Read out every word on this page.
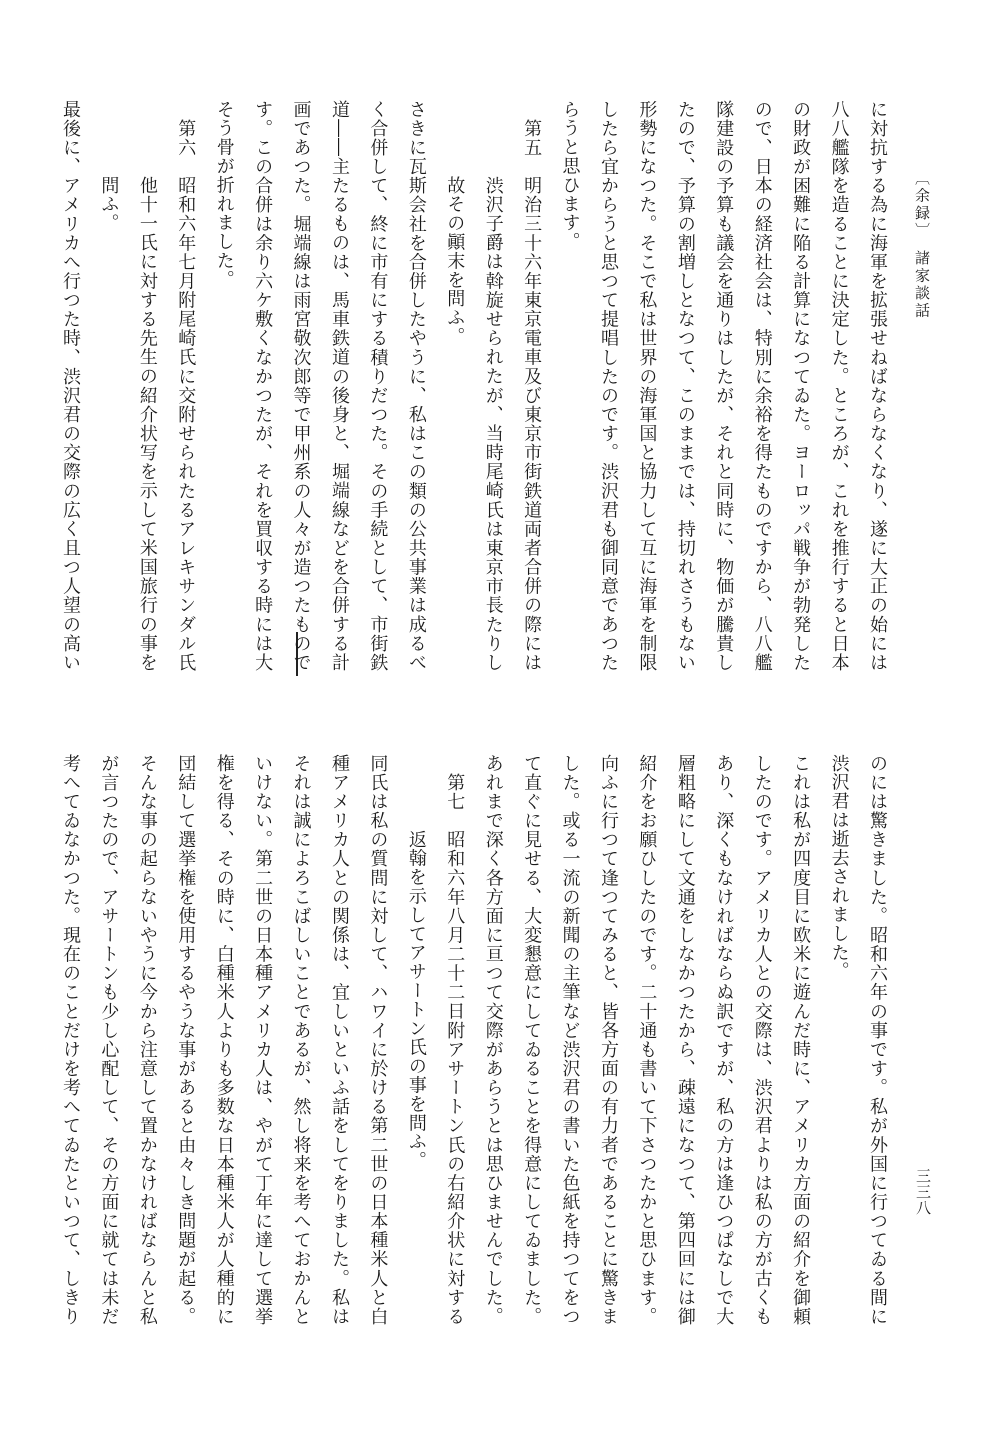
〔余録〕　諸家談話
三三八
に対抗する為に海軍を拡張せねばならなくなり、遂に大正の始には
八八艦隊を造ることに決定した。ところが、これを推行すると日本
の財政が困難に陥る計算になつてゐた。ヨーロッパ戦争が勃発した
ので、日本の経済社会は、特別に余裕を得たものですから、八八艦
隊建設の予算も議会を通りはしたが、それと同時に、物価が騰貴し
たので、予算の割増しとなつて、このままでは、持切れさうもない
形勢になつた。そこで私は世界の海軍国と協力して互に海軍を制限
したら宜からうと思つて提唱したのです。渋沢君も御同意であつた
らうと思ひます。
第五　明治三十六年東京電車及び東京市街鉄道両者合併の際には
渋沢子爵は斡旋せられたが、当時尾崎氏は東京市長たりし
故その顚末を問ふ。
さきに瓦斯会社を合併したやうに、私はこの類の公共事業は成るべ
く合併して、終に市有にする積りだつた。その手続として、市街鉄
道――主たるものは、馬車鉄道の後身と、堀端線などを合併する計
画であつた。堀端線は雨宮敬次郎等で甲州系の人々が造つたもので
す。この合併は余り六ケ敷くなかつたが、それを買収する時には大
そう骨が折れました。
第六　昭和六年七月附尾崎氏に交附せられたるアレキサンダル氏
他十一氏に対する先生の紹介状写を示して米国旅行の事を
問ふ。
最後に、アメリカへ行つた時、渋沢君の交際の広く且つ人望の高い
のには驚きました。昭和六年の事です。私が外国に行つてゐる間に
渋沢君は逝去されました。
これは私が四度目に欧米に遊んだ時に、アメリカ方面の紹介を御頼
したのです。アメリカ人との交際は、渋沢君よりは私の方が古くも
あり、深くもなければならぬ訳ですが、私の方は逢ひつぱなしで大
層粗略にして文通をしなかつたから、疎遠になつて、第四回には御
紹介をお願ひしたのです。二十通も書いて下さつたかと思ひます。
向ふに行つて逢つてみると、皆各方面の有力者であることに驚きま
した。或る一流の新聞の主筆など渋沢君の書いた色紙を持つてをつ
て直ぐに見せる、大変懇意にしてゐることを得意にしてゐました。
あれまで深く各方面に亘つて交際があらうとは思ひませんでした。
第七　昭和六年八月二十二日附アサートン氏の右紹介状に対する
返翰を示してアサートン氏の事を問ふ。
同氏は私の質問に対して、ハワイに於ける第二世の日本種米人と白
種アメリカ人との関係は、宜しいといふ話をしてをりました。私は
それは誠によろこばしいことであるが、然し将来を考へておかんと
いけない。第二世の日本種アメリカ人は、やがて丁年に達して選挙
権を得る、その時に、白種米人よりも多数な日本種米人が人種的に
団結して選挙権を使用するやうな事があると由々しき問題が起る。
そんな事の起らないやうに今から注意して置かなければならんと私
が言つたので、アサートンも少し心配して、その方面に就ては未だ
考へてゐなかつた。現在のことだけを考へてゐたといつて、しきり
